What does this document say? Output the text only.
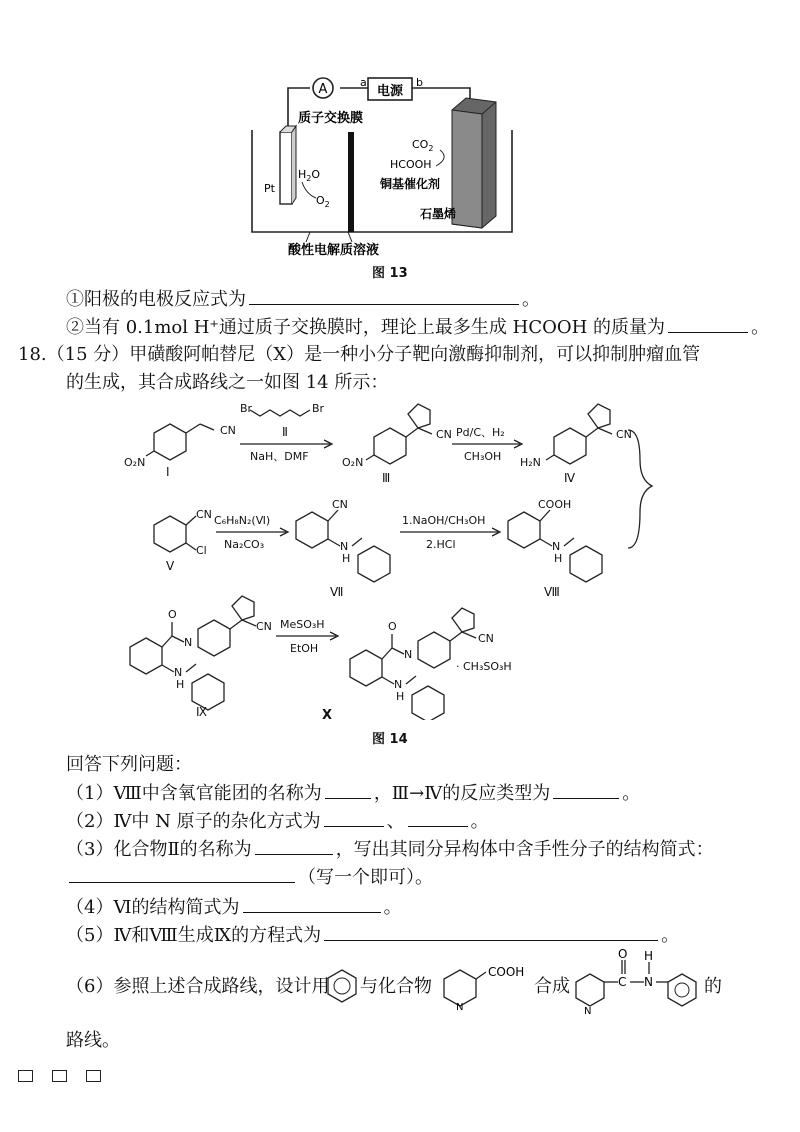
A	电源
a	b
质子交换膜
$CO_2$
HCOOH
铜基催化剂
石墨烯
Pt
$H_2O$
$O_2$
酸性电解质溶液
图 13
①阳极的电极反应式为	。
②当有 0.1mol H⁺通过质子交换膜时，理论上最多生成 HCOOH 的质量为	。
18.（15 分）甲磺酸阿帕替尼（X）是一种小分子靶向激酶抑制剂，可以抑制肿瘤血管
的生成，其合成路线之一如图 14 所示：
CN
O₂N
I
Br	Br
Ⅱ
NaH、DMF
CN
O₂N
Ⅲ
Pd/C、H₂
CH₃OH
CN
H₂N
Ⅳ
CN
Cl
V
C₆H₈N₂(Ⅵ)
Na₂CO₃
CN
N
H
Ⅶ
1.NaOH/CH₃OH
2.HCl
COOH
N
H
Ⅷ
O
N
CN
N
H
Ⅸ
MeSO₃H
EtOH
O
N
CN
· CH₃SO₃H
N
H
X
图 14
回答下列问题：
（1）Ⅷ中含氧官能团的名称为	，Ⅲ→Ⅳ的反应类型为	。
（2）Ⅳ中 N 原子的杂化方式为	、	。
（3）化合物Ⅱ的名称为	，写出其同分异构体中含手性分子的结构简式：
（写一个即可）。
（4）Ⅵ的结构简式为	。
（5）Ⅳ和Ⅷ生成Ⅸ的方程式为	。
（6）参照上述合成路线，设计用 与化合物
COOH
N
合成	C
O
N
H
N
的
路线。
